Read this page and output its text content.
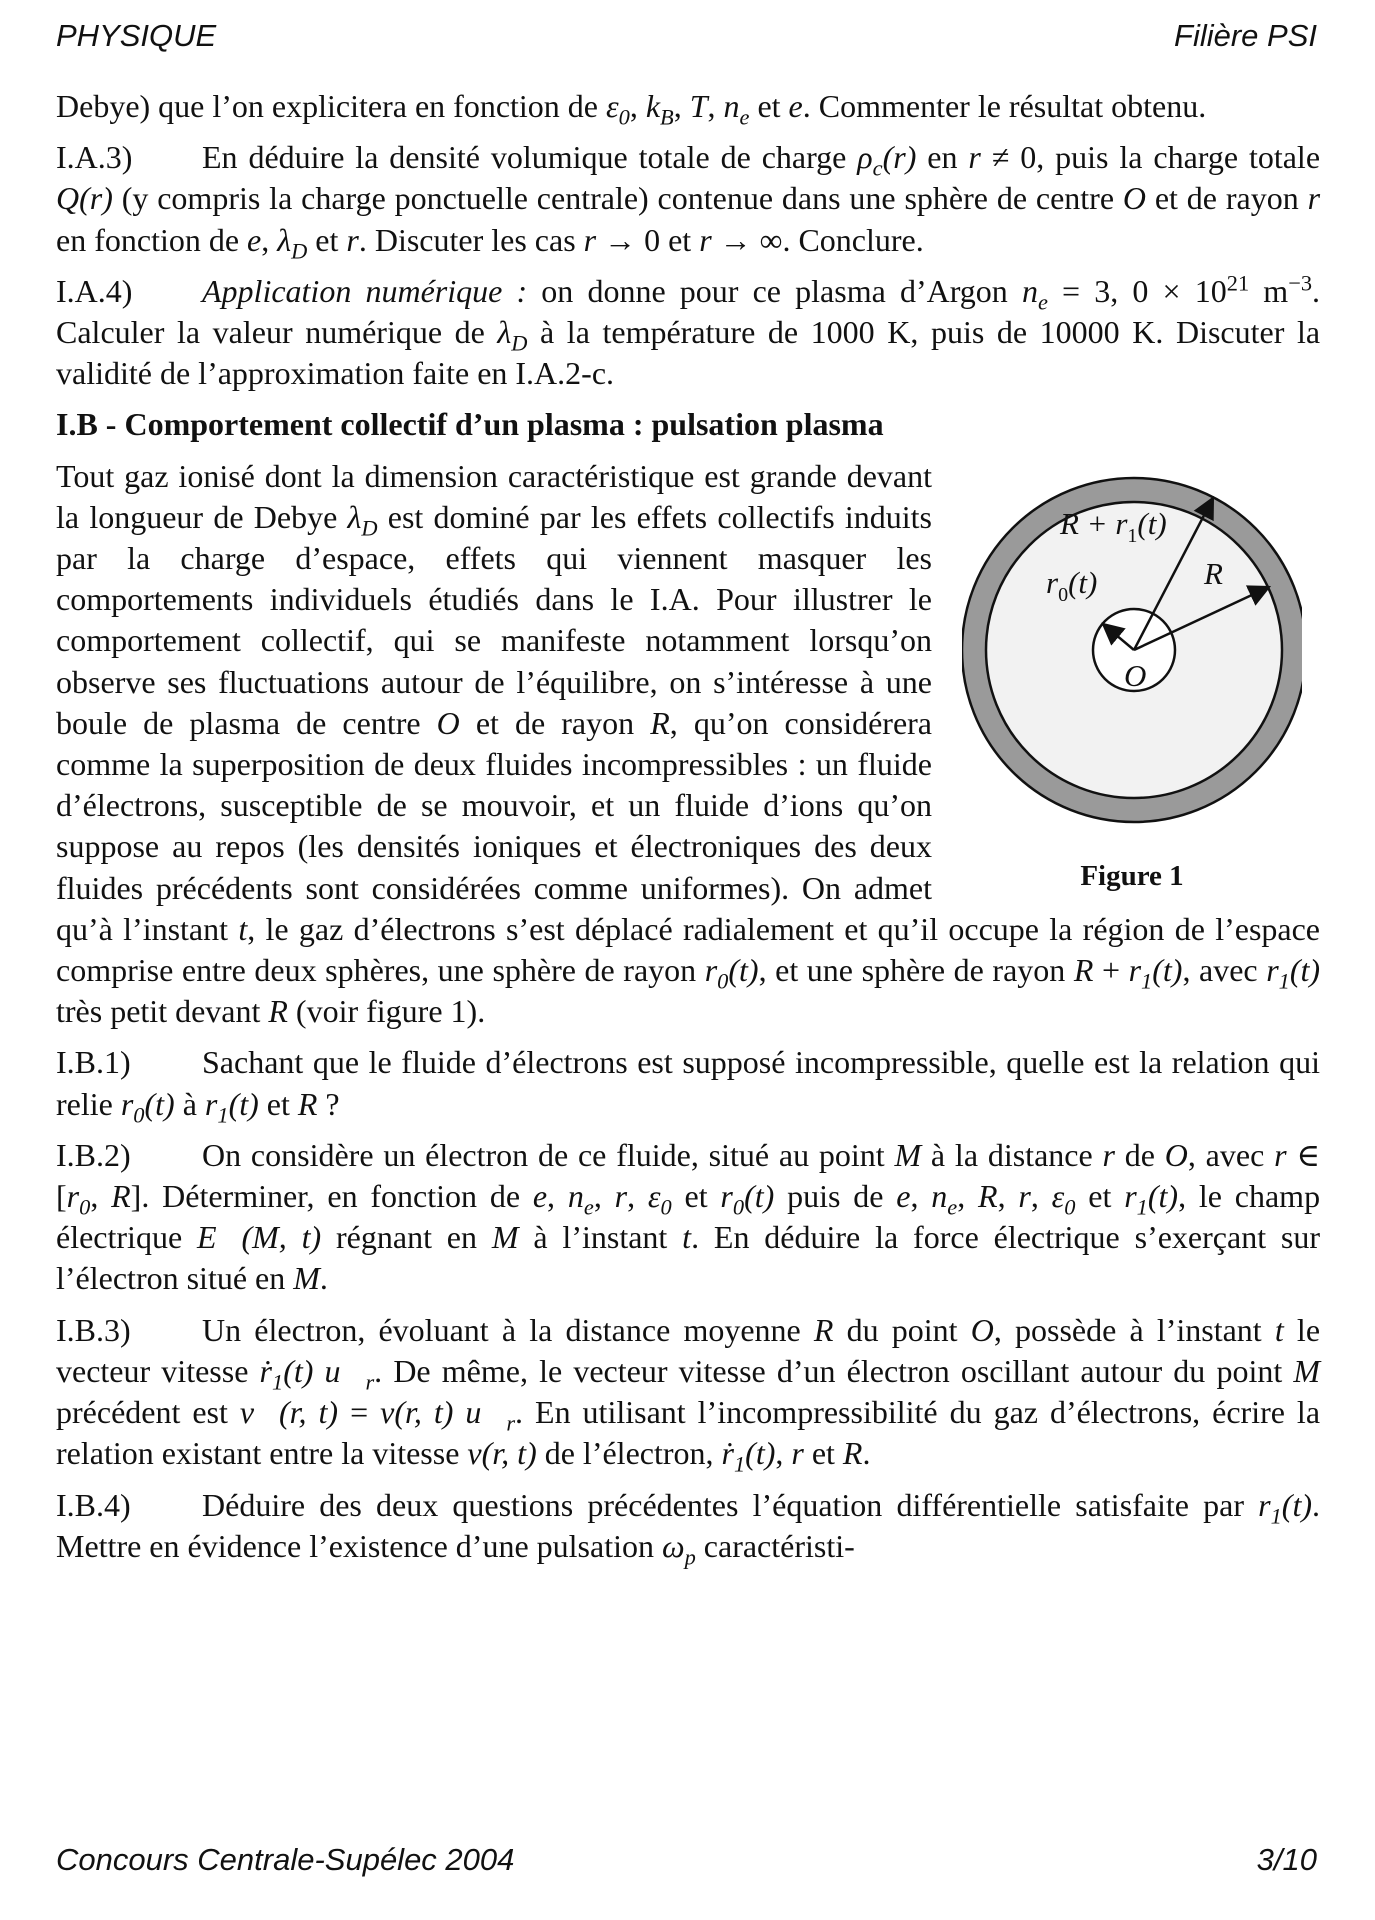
PHYSIQUE	Filière PSI

Debye) que l’on explicitera en fonction de $\varepsilon_0$, $k_B$, T, $n_e$ et e. Commenter le résultat obtenu.

I.A.3) En déduire la densité volumique totale de charge $\rho_c(r)$ en r ≠ 0, puis la charge totale Q(r) (y compris la charge ponctuelle centrale) contenue dans une sphère de centre O et de rayon r en fonction de e, $\lambda_D$ et r. Discuter les cas r → 0 et r → ∞. Conclure.

I.A.4) Application numérique : on donne pour ce plasma d’Argon $n_e = 3$, $0 \times 10^{21}$ $m^{-3}$. Calculer la valeur numérique de $\lambda_D$ à la température de 1000 K, puis de 10000 K. Discuter la validité de l’approximation faite en I.A.2-c.

I.B - Comportement collectif d’un plasma : pulsation plasma

$R + r_1(t)$
$r_0(t)$	R
O
Figure 1
Tout gaz ionisé dont la dimension caractéristique est grande devant la longueur de Debye $\lambda_D$ est dominé par les effets collectifs induits par la charge d’espace, effets qui viennent masquer les comportements individuels étudiés dans le I.A. Pour illustrer le comportement collectif, qui se manifeste notamment lorsqu’on observe ses fluctuations autour de l’équilibre, on s’intéresse à une boule de plasma de centre O et de rayon R, qu’on considérera comme la superposition de deux fluides incompressibles : un fluide d’électrons, susceptible de se mouvoir, et un fluide d’ions qu’on suppose au repos (les densités ioniques et électroniques des deux fluides précédents sont considérées comme uniformes). On admet qu’à l’instant t, le gaz d’électrons s’est déplacé radialement et qu’il occupe la région de l’espace comprise entre deux sphères, une sphère de rayon $r_0(t)$, et une sphère de rayon $R + r_1(t)$, avec $r_1(t)$ très petit devant R (voir figure 1).

I.B.1) Sachant que le fluide d’électrons est supposé incompressible, quelle est la relation qui relie $r_0(t)$ à $r_1(t)$ et R ?

I.B.2) On considère un électron de ce fluide, situé au point M à la distance r de O, avec r ∈ [$r_0$, R]. Déterminer, en fonction de e, $n_e$, r, $\varepsilon_0$ et $r_0(t)$ puis de e, $n_e$, R, r, $\varepsilon_0$ et $r_1(t)$, le champ électrique E⃗(M, t) régnant en M à l’instant t. En déduire la force électrique s’exerçant sur l’électron situé en M.

I.B.3) Un électron, évoluant à la distance moyenne R du point O, possède à l’instant t le vecteur vitesse ṙ$_1$(t) $u⃗_r$. De même, le vecteur vitesse d’un électron oscillant autour du point M précédent est v⃗(r, t) = v(r, t) $u⃗_r$. En utilisant l’incompressibilité du gaz d’électrons, écrire la relation existant entre la vitesse v(r, t) de l’électron, ṙ$_1$(t), r et R.

I.B.4) Déduire des deux questions précédentes l’équation différentielle satisfaite par $r_1(t)$. Mettre en évidence l’existence d’une pulsation $\omega_p$ caractéristi-

Concours Centrale-Supélec 2004	3/10
